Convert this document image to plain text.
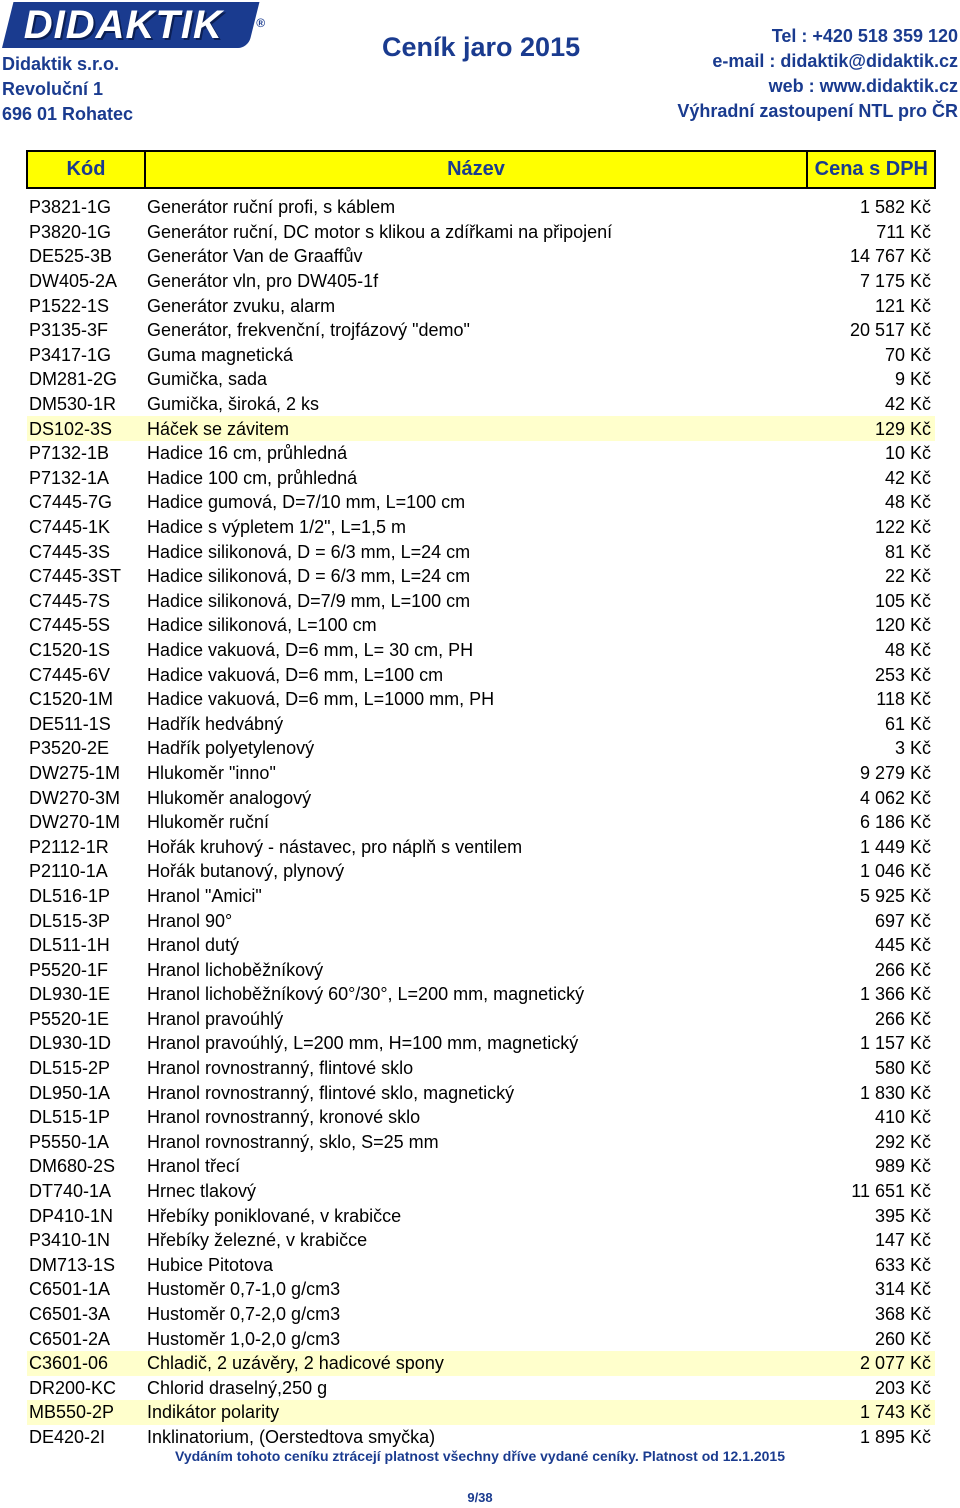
DIDAKTIK	®
Didaktik s.r.o.
Revoluční 1
696 01 Rohatec
Ceník jaro 2015	Tel : +420 518 359 120
e-mail : didaktik@didaktik.cz
web : www.didaktik.cz
Výhradní zastoupení NTL pro ČR
Kód	Název	Cena s DPH

P3821-1G	Generátor ruční profi, s káblem	1 582 Kč
P3820-1G	Generátor ruční, DC motor s klikou a zdířkami na připojení	711 Kč
DE525-3B	Generátor Van de Graaffův	14 767 Kč
DW405-2A	Generátor vln, pro DW405-1f	7 175 Kč
P1522-1S	Generátor zvuku, alarm	121 Kč
P3135-3F	Generátor, frekvenční, trojfázový "demo"	20 517 Kč
P3417-1G	Guma magnetická	70 Kč
DM281-2G	Gumička, sada	9 Kč
DM530-1R	Gumička, široká, 2 ks	42 Kč
DS102-3S	Háček se závitem	129 Kč
P7132-1B	Hadice 16 cm, průhledná	10 Kč
P7132-1A	Hadice 100 cm, průhledná	42 Kč
C7445-7G	Hadice gumová, D=7/10 mm, L=100 cm	48 Kč
C7445-1K	Hadice s výpletem 1/2", L=1,5 m	122 Kč
C7445-3S	Hadice silikonová, D = 6/3 mm, L=24 cm	81 Kč
C7445-3ST	Hadice silikonová, D = 6/3 mm, L=24 cm	22 Kč
C7445-7S	Hadice silikonová, D=7/9 mm, L=100 cm	105 Kč
C7445-5S	Hadice silikonová, L=100 cm	120 Kč
C1520-1S	Hadice vakuová, D=6 mm, L= 30 cm, PH	48 Kč
C7445-6V	Hadice vakuová, D=6 mm, L=100 cm	253 Kč
C1520-1M	Hadice vakuová, D=6 mm, L=1000 mm, PH	118 Kč
DE511-1S	Hadřík hedvábný	61 Kč
P3520-2E	Hadřík polyetylenový	3 Kč
DW275-1M	Hlukoměr "inno"	9 279 Kč
DW270-3M	Hlukoměr analogový	4 062 Kč
DW270-1M	Hlukoměr ruční	6 186 Kč
P2112-1R	Hořák kruhový - nástavec, pro náplň s ventilem	1 449 Kč
P2110-1A	Hořák butanový, plynový	1 046 Kč
DL516-1P	Hranol "Amici"	5 925 Kč
DL515-3P	Hranol 90°	697 Kč
DL511-1H	Hranol dutý	445 Kč
P5520-1F	Hranol lichoběžníkový	266 Kč
DL930-1E	Hranol lichoběžníkový 60°/30°, L=200 mm, magnetický	1 366 Kč
P5520-1E	Hranol pravoúhlý	266 Kč
DL930-1D	Hranol pravoúhlý, L=200 mm, H=100 mm, magnetický	1 157 Kč
DL515-2P	Hranol rovnostranný, flintové sklo	580 Kč
DL950-1A	Hranol rovnostranný, flintové sklo, magnetický	1 830 Kč
DL515-1P	Hranol rovnostranný, kronové sklo	410 Kč
P5550-1A	Hranol rovnostranný, sklo, S=25 mm	292 Kč
DM680-2S	Hranol třecí	989 Kč
DT740-1A	Hrnec tlakový	11 651 Kč
DP410-1N	Hřebíky poniklované, v krabičce	395 Kč
P3410-1N	Hřebíky železné, v krabičce	147 Kč
DM713-1S	Hubice Pitotova	633 Kč
C6501-1A	Hustoměr 0,7-1,0 g/cm3	314 Kč
C6501-3A	Hustoměr 0,7-2,0 g/cm3	368 Kč
C6501-2A	Hustoměr 1,0-2,0 g/cm3	260 Kč
C3601-06	Chladič, 2 uzávěry, 2 hadicové spony	2 077 Kč
DR200-KC	Chlorid draselný,250 g	203 Kč
MB550-2P	Indikátor polarity	1 743 Kč
DE420-2I	Inklinatorium, (Oerstedtova smyčka)	1 895 Kč
Vydáním tohoto ceníku ztrácejí platnost všechny dříve vydané ceníky. Platnost od 12.1.2015
9/38
